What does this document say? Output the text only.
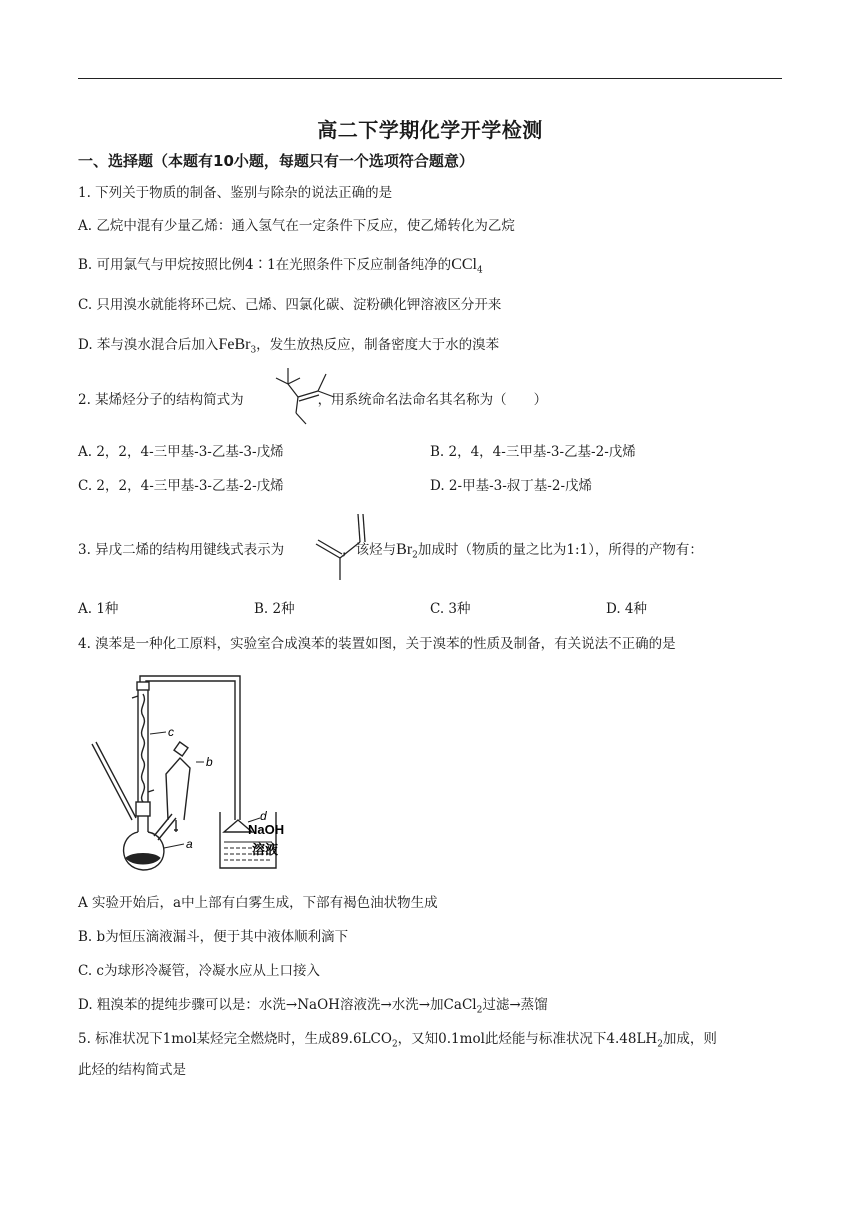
高二下学期化学开学检测
一、选择题（本题有10小题，每题只有一个选项符合题意）
1. 下列关于物质的制备、鉴别与除杂的说法正确的是
A. 乙烷中混有少量乙烯：通入氢气在一定条件下反应，使乙烯转化为乙烷
B. 可用氯气与甲烷按照比例4∶1在光照条件下反应制备纯净的CCl$_4$
C. 只用溴水就能将环己烷、己烯、四氯化碳、淀粉碘化钾溶液区分开来
D. 苯与溴水混合后加入FeBr$_3$，发生放热反应，制备密度大于水的溴苯
2. 某烯烃分子的结构简式为	，用系统命名法命名其名称为（　　）
A. 2，2，4-三甲基-3-乙基-3-戊烯	B. 2，4，4-三甲基-3-乙基-2-戊烯
C. 2，2，4-三甲基-3-乙基-2-戊烯	D. 2-甲基-3-叔丁基-2-戊烯
3. 异戊二烯的结构用键线式表示为	，该烃与$Br_2$加成时（物质的量之比为1:1），所得的产物有：
A. 1种	B. 2种	C. 3种	D. 4种
4. 溴苯是一种化工原料，实验室合成溴苯的装置如图，关于溴苯的性质及制备，有关说法不正确的是
c
b
a
d
NaOH
溶液
A 实验开始后，a中上部有白雾生成，下部有褐色油状物生成
B. b为恒压滴液漏斗，便于其中液体顺利滴下
C. c为球形冷凝管，冷凝水应从上口接入
D. 粗溴苯的提纯步骤可以是：水洗→NaOH溶液洗→水洗→加CaCl$_2$过滤→蒸馏
5. 标准状况下1mol某烃完全燃烧时，生成$89.6LCO_2$，又知0.1mol此烃能与标准状况下$4.48LH_2$加成，则
此烃的结构简式是
